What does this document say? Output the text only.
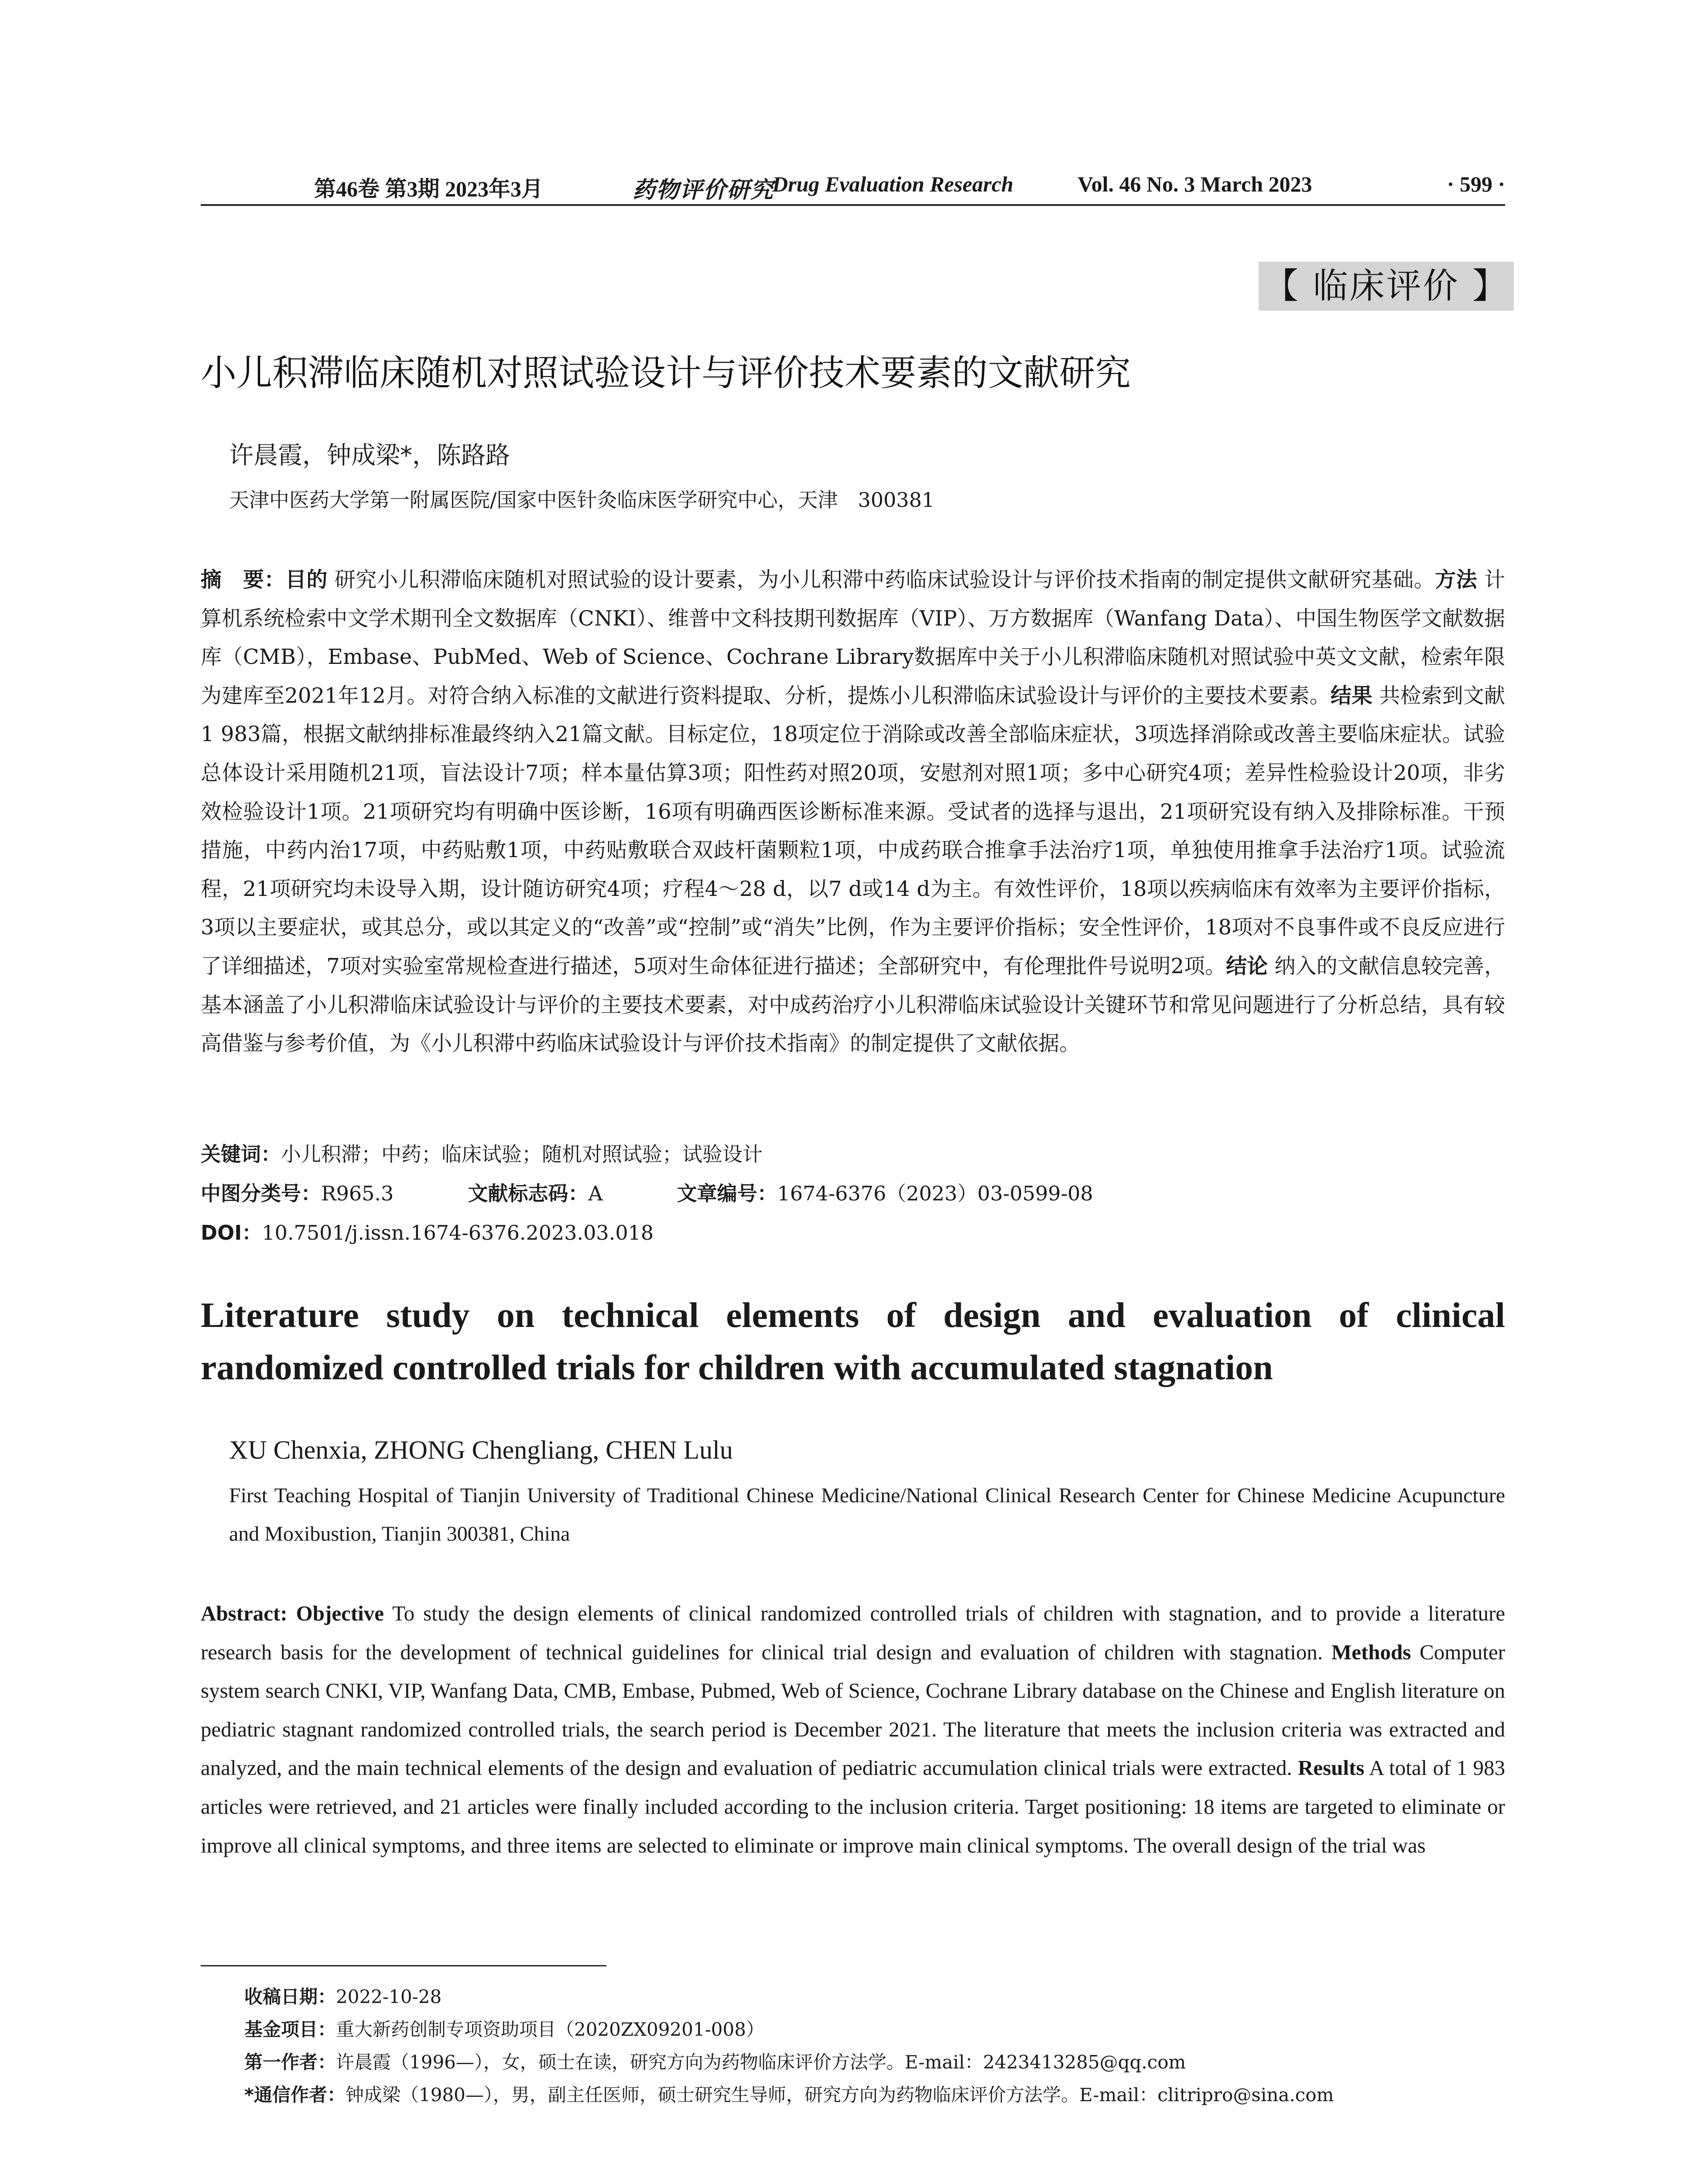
第46卷 第3期 2023年3月	药物评价研究
Drug Evaluation Research	Vol. 46 No. 3 March 2023	· 599 ·
【 临床评价 】
小儿积滞临床随机对照试验设计与评价技术要素的文献研究
许晨霞，钟成梁*，陈路路
天津中医药大学第一附属医院/国家中医针灸临床医学研究中心，天津　300381
摘　要：目的 研究小儿积滞临床随机对照试验的设计要素，为小儿积滞中药临床试验设计与评价技术指南的制定提供文献研究基础。方法 计算机系统检索中文学术期刊全文数据库（CNKI）、维普中文科技期刊数据库（VIP）、万方数据库（Wanfang Data）、中国生物医学文献数据库（CMB），Embase、PubMed、Web of Science、Cochrane Library数据库中关于小儿积滞临床随机对照试验中英文文献，检索年限为建库至2021年12月。对符合纳入标准的文献进行资料提取、分析，提炼小儿积滞临床试验设计与评价的主要技术要素。结果 共检索到文献1 983篇，根据文献纳排标准最终纳入21篇文献。目标定位，18项定位于消除或改善全部临床症状，3项选择消除或改善主要临床症状。试验总体设计采用随机21项，盲法设计7项；样本量估算3项；阳性药对照20项，安慰剂对照1项；多中心研究4项；差异性检验设计20项，非劣效检验设计1项。21项研究均有明确中医诊断，16项有明确西医诊断标准来源。受试者的选择与退出，21项研究设有纳入及排除标准。干预措施，中药内治17项，中药贴敷1项，中药贴敷联合双歧杆菌颗粒1项，中成药联合推拿手法治疗1项，单独使用推拿手法治疗1项。试验流程，21项研究均未设导入期，设计随访研究4项；疗程4～28 d，以7 d或14 d为主。有效性评价，18项以疾病临床有效率为主要评价指标，3项以主要症状，或其总分，或以其定义的“改善”或“控制”或“消失”比例，作为主要评价指标；安全性评价，18项对不良事件或不良反应进行了详细描述，7项对实验室常规检查进行描述，5项对生命体征进行描述；全部研究中，有伦理批件号说明2项。结论 纳入的文献信息较完善，基本涵盖了小儿积滞临床试验设计与评价的主要技术要素，对中成药治疗小儿积滞临床试验设计关键环节和常见问题进行了分析总结，具有较高借鉴与参考价值，为《小儿积滞中药临床试验设计与评价技术指南》的制定提供了文献依据。
关键词：小儿积滞；中药；临床试验；随机对照试验；试验设计
中图分类号：R965.3	文献标志码：A	文章编号：1674-6376（2023）03-0599-08
DOI：10.7501/j.issn.1674-6376.2023.03.018
Literature study on technical elements of design and evaluation of clinical randomized controlled trials for children with accumulated stagnation
XU Chenxia, ZHONG Chengliang, CHEN Lulu
First Teaching Hospital of Tianjin University of Traditional Chinese Medicine/National Clinical Research Center for Chinese Medicine Acupuncture and Moxibustion, Tianjin 300381, China
Abstract: Objective To study the design elements of clinical randomized controlled trials of children with stagnation, and to provide a literature research basis for the development of technical guidelines for clinical trial design and evaluation of children with stagnation. Methods Computer system search CNKI, VIP, Wanfang Data, CMB, Embase, Pubmed, Web of Science, Cochrane Library database on the Chinese and English literature on pediatric stagnant randomized controlled trials, the search period is December 2021. The literature that meets the inclusion criteria was extracted and analyzed, and the main technical elements of the design and evaluation of pediatric accumulation clinical trials were extracted. Results A total of 1 983 articles were retrieved, and 21 articles were finally included according to the inclusion criteria. Target positioning: 18 items are targeted to eliminate or improve all clinical symptoms, and three items are selected to eliminate or improve main clinical symptoms. The overall design of the trial was
收稿日期：2022-10-28
基金项目：重大新药创制专项资助项目（2020ZX09201-008）
第一作者：许晨霞（1996—），女，硕士在读，研究方向为药物临床评价方法学。E-mail：2423413285@qq.com
*通信作者：钟成梁（1980—），男，副主任医师，硕士研究生导师，研究方向为药物临床评价方法学。E-mail：clitripro@sina.com
